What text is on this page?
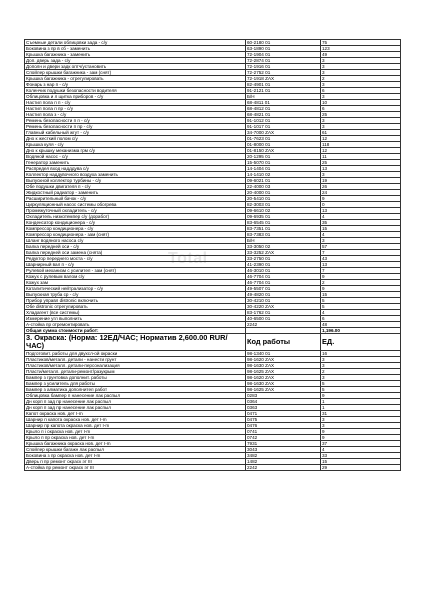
Total
Съемные детали облицовки зада - с/у	60-2180 01	75
Боковина з пр в сб - заменить	63-1890 01	123
Крышка багажника - заменить	72-1904 01	49
Доп. дверь зада - с/у	72-2874 01	3
Дополн и двери задк оптч/установить	72-1916 01	3
Спойлер крышки багажника - зам (снят)	72-2752 01	3
Крышка багажника - отрегулировать	72-1918 ZAX	2
Фонарь з нар п - с/у	82-4901 01	3
Коленчик подушки безопасности водителя	91-2121 01	6
Облицовка и л щитка приборов - с/у	Б/Н	3
Настил пола п п - с/у	68-4811 01	10
Настил пола п пр - с/у	68-4812 01	6
Настил пола з - с/у	68-4821 01	25
Ремень безопасности п п - с/у	91-1012 01	3
Ремень безопасности п пр - с/у	91-1017 01	3
Главный кабельный жгут - с/у	34-7000 ZAX	61
Дно к жесткий полом с/у	01-7623 01	12
Крышка куля - с/у	01-8000 01	118
Дно к крышку механизма грм с/у	01-8150 ZAX	12
Водяной насос - с/у	20-1295 01	11
Генератор заменить	15-5070 01	25
Распредел вход надддува с/у	14-1404 01	13
Коллектор наддувочного воздуха заменить	14-1410 02	3
Выпускной коллектор турбины - с/у	09-6021 01	19
Обе подушки двигателя п - с/у	22-4000 03	26
Жидкостный радиатор - заменить	20-4000 01	24
Расширительный бачок - с/у	20-5410 01	9
Циркуляционный насос системы обогрева	82-3003 01	0
Промежуточный охладитель - с/у	09-6610 02	13
Охладитель низкотемпер с/у (доработ)	09-6935 01	4
Конденсатор кондиционера - с/у	83-6545 01	35
Компрессор кондиционера - с/у	83-7351 01	15
Компрессор кондиционера - зам (снят)	83-7383 01	4
Шланг водяного насоса с/у	Б/Н	3
Балка передней оси - с/у	33-3050 02	57
Балка передней оси замена (снята)	33-3252 ZAX	7
Редуктор переднего моста - с/у	33-2750 01	43
Шарнирный вал п - с/у	41-2390 01	13
Рулевой механизм с усилител - зам (снят)	46-3010 01	7
Кожух с рулевым валом с/у	46-7704 01	9
Кожух зам	46-7704 01	2
Каталитический нейтрализатор - с/у	49-5507 01	9
Выпускная труба ср - с/у	49-4820 01	15
Прибор управл distronic включить	30-4210 01	5
Обе distronic отрегулировать	30-4220 ZAX	5
Хладагент (все системы)	83-1762 01	4
Измерение угл выполнить	40-6500 01	6
А-стойка пр отремонтировать	2242	48
Общая сумма стоимости работ:		1,196.00
3. Окраска: (Норма: 12ЕД/ЧАС; Норматив 2,600.00 RUR/ЧАС)	Код работы	ЕД.
Подготовит. работы для двухсл-ой окраски	98-1340 01	16
Пластиков/металл. детали - нанести грунт	98-1620 ZAX	3
Пластиков/металл. детали-персонализация	98-1630 ZAX	3
Пласти/металл. детали-ремонт/разукрым	98-1625 ZAX	2
Бампер з грунтовка дополнит. работы	98-1620 ZAX	3
Бампер з усилитель для работы	98-1630 ZAX	5
Бампер з алматика дополнител работ	98-1625 ZAX	5
Облицовка бампер п нанесение лак распыл	0283	9
Дн корп п зад пр нанесение лак распыл	0364	1
Дн корп п зад пр нанесение лак распыл	0363	1
Капот окраска нов. дет I-m	0471	31
Шарнир п капота окраска нов. дет I-m	0475	3
Шарнир пр капота окраска нов. дет I-m	0476	3
Крыло п i окраска нов. дет I-m	0741	9
Крыло п пр окраска нов. дет I-m	0742	9
Крышка багажника окраска нов. дет I-m	7931	37
Спойлер крышки багажн лак распыл	3043	4
Боковина з пр окраска нов. дет I-m	3482	33
Дверь п пр ремонт окраск эт III	1482	15
А-стойка пр ремонт окраск эт III	2242	29
